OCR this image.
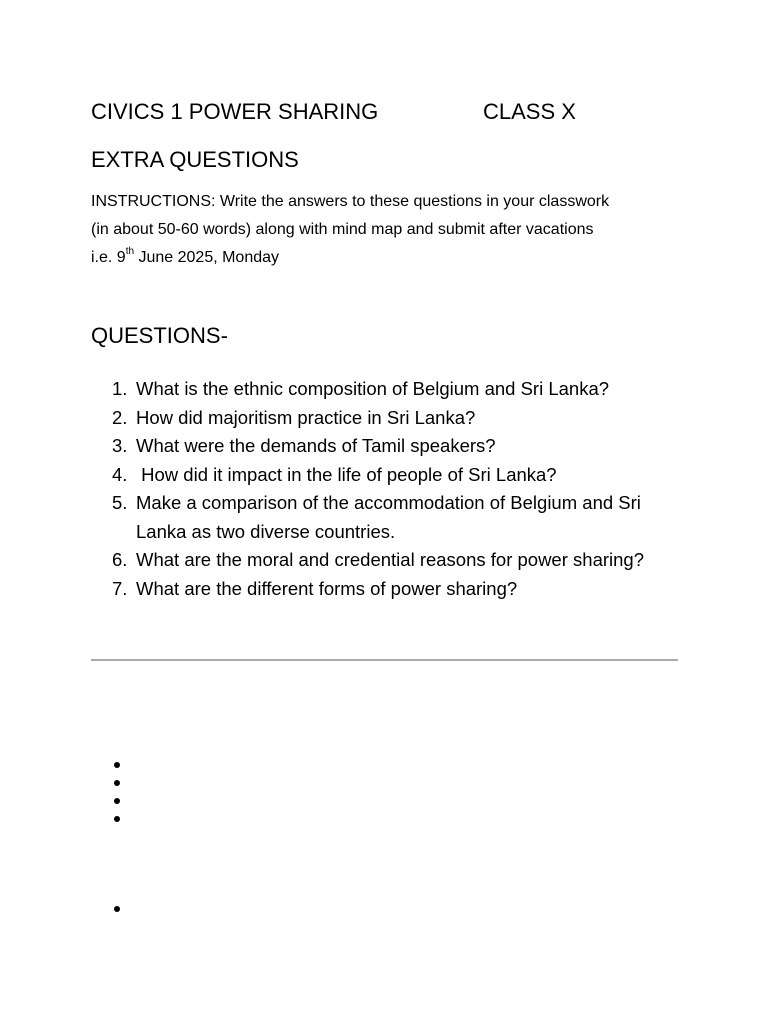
CIVICS 1 POWER SHARING	CLASS X
EXTRA QUESTIONS
INSTRUCTIONS: Write the answers to these questions in your classwork
(in about 50-60 words) along with mind map and submit after vacations
i.e. 9th June 2025, Monday
QUESTIONS-
1. What is the ethnic composition of Belgium and Sri Lanka?
2. How did majoritism practice in Sri Lanka?
3. What were the demands of Tamil speakers?
4. How did it impact in the life of people of Sri Lanka?
5. Make a comparison of the accommodation of Belgium and Sri Lanka as two diverse countries.
6. What are the moral and credential reasons for power sharing?
7. What are the different forms of power sharing?
